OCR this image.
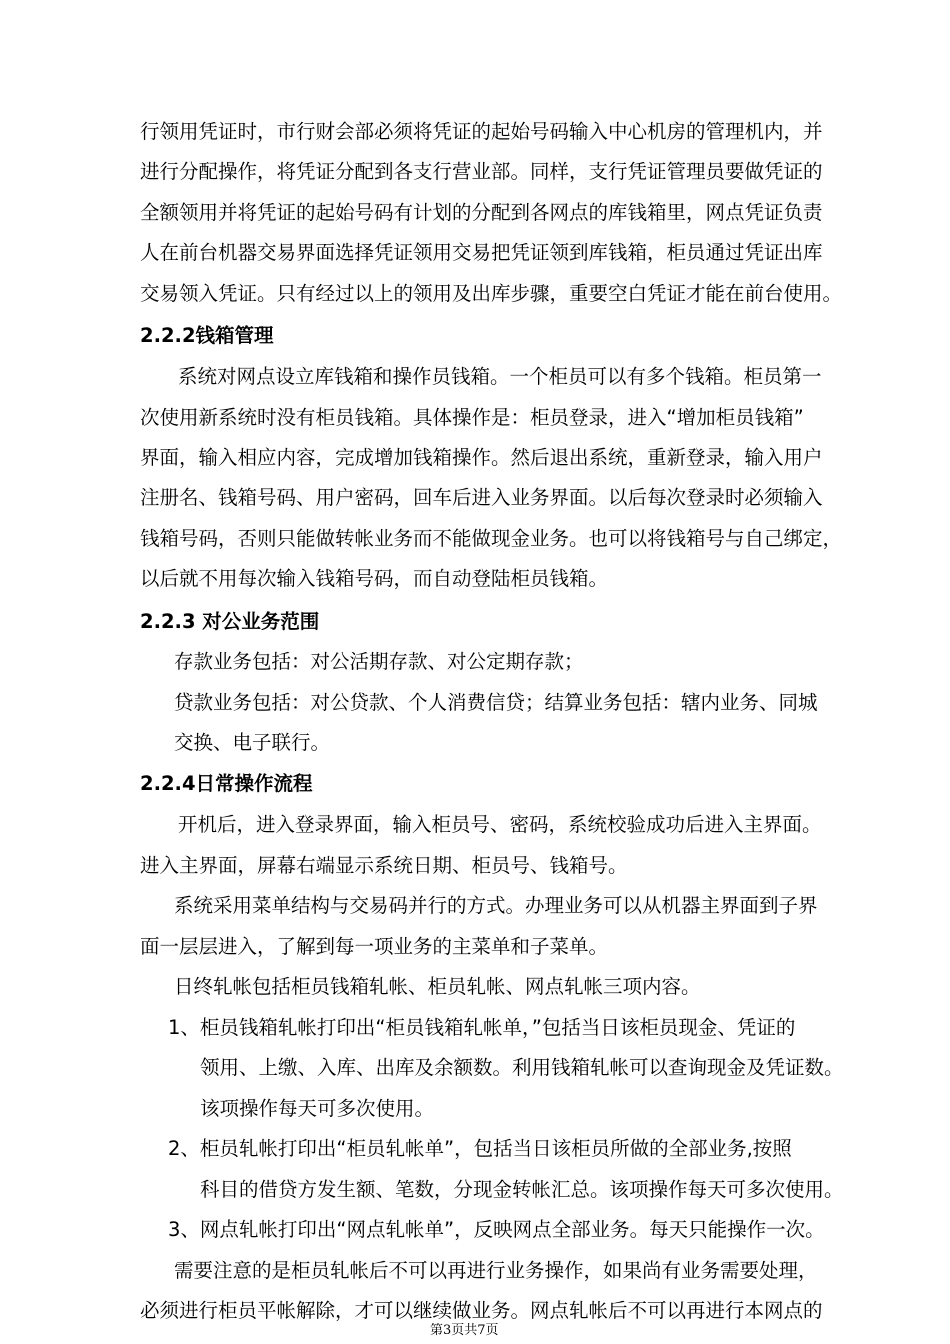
行领用凭证时，市行财会部必须将凭证的起始号码输入中心机房的管理机内，并
进行分配操作，将凭证分配到各支行营业部。同样，支行凭证管理员要做凭证的
全额领用并将凭证的起始号码有计划的分配到各网点的库钱箱里，网点凭证负责
人在前台机器交易界面选择凭证领用交易把凭证领到库钱箱，柜员通过凭证出库
交易领入凭证。只有经过以上的领用及出库步骤，重要空白凭证才能在前台使用。
2.2.2钱箱管理
系统对网点设立库钱箱和操作员钱箱。一个柜员可以有多个钱箱。柜员第一
次使用新系统时没有柜员钱箱。具体操作是：柜员登录，进入“增加柜员钱箱”
界面，输入相应内容，完成增加钱箱操作。然后退出系统，重新登录，输入用户
注册名、钱箱号码、用户密码，回车后进入业务界面。以后每次登录时必须输入
钱箱号码，否则只能做转帐业务而不能做现金业务。也可以将钱箱号与自己绑定，
以后就不用每次输入钱箱号码，而自动登陆柜员钱箱。
2.2.3 对公业务范围
存款业务包括：对公活期存款、对公定期存款；
贷款业务包括：对公贷款、个人消费信贷；结算业务包括：辖内业务、同城
交换、电子联行。
2.2.4日常操作流程
开机后，进入登录界面，输入柜员号、密码，系统校验成功后进入主界面。
进入主界面，屏幕右端显示系统日期、柜员号、钱箱号。
系统采用菜单结构与交易码并行的方式。办理业务可以从机器主界面到子界
面一层层进入，了解到每一项业务的主菜单和子菜单。
日终轧帐包括柜员钱箱轧帐、柜员轧帐、网点轧帐三项内容。
1、柜员钱箱轧帐打印出“柜员钱箱轧帐单，”包括当日该柜员现金、凭证的
领用、上缴、入库、出库及余额数。利用钱箱轧帐可以查询现金及凭证数。
该项操作每天可多次使用。
2、柜员轧帐打印出“柜员轧帐单”，包括当日该柜员所做的全部业务,按照
科目的借贷方发生额、笔数，分现金转帐汇总。该项操作每天可多次使用。
3、网点轧帐打印出“网点轧帐单”，反映网点全部业务。每天只能操作一次。
需要注意的是柜员轧帐后不可以再进行业务操作，如果尚有业务需要处理，
必须进行柜员平帐解除，才可以继续做业务。网点轧帐后不可以再进行本网点的
第3页共7页
